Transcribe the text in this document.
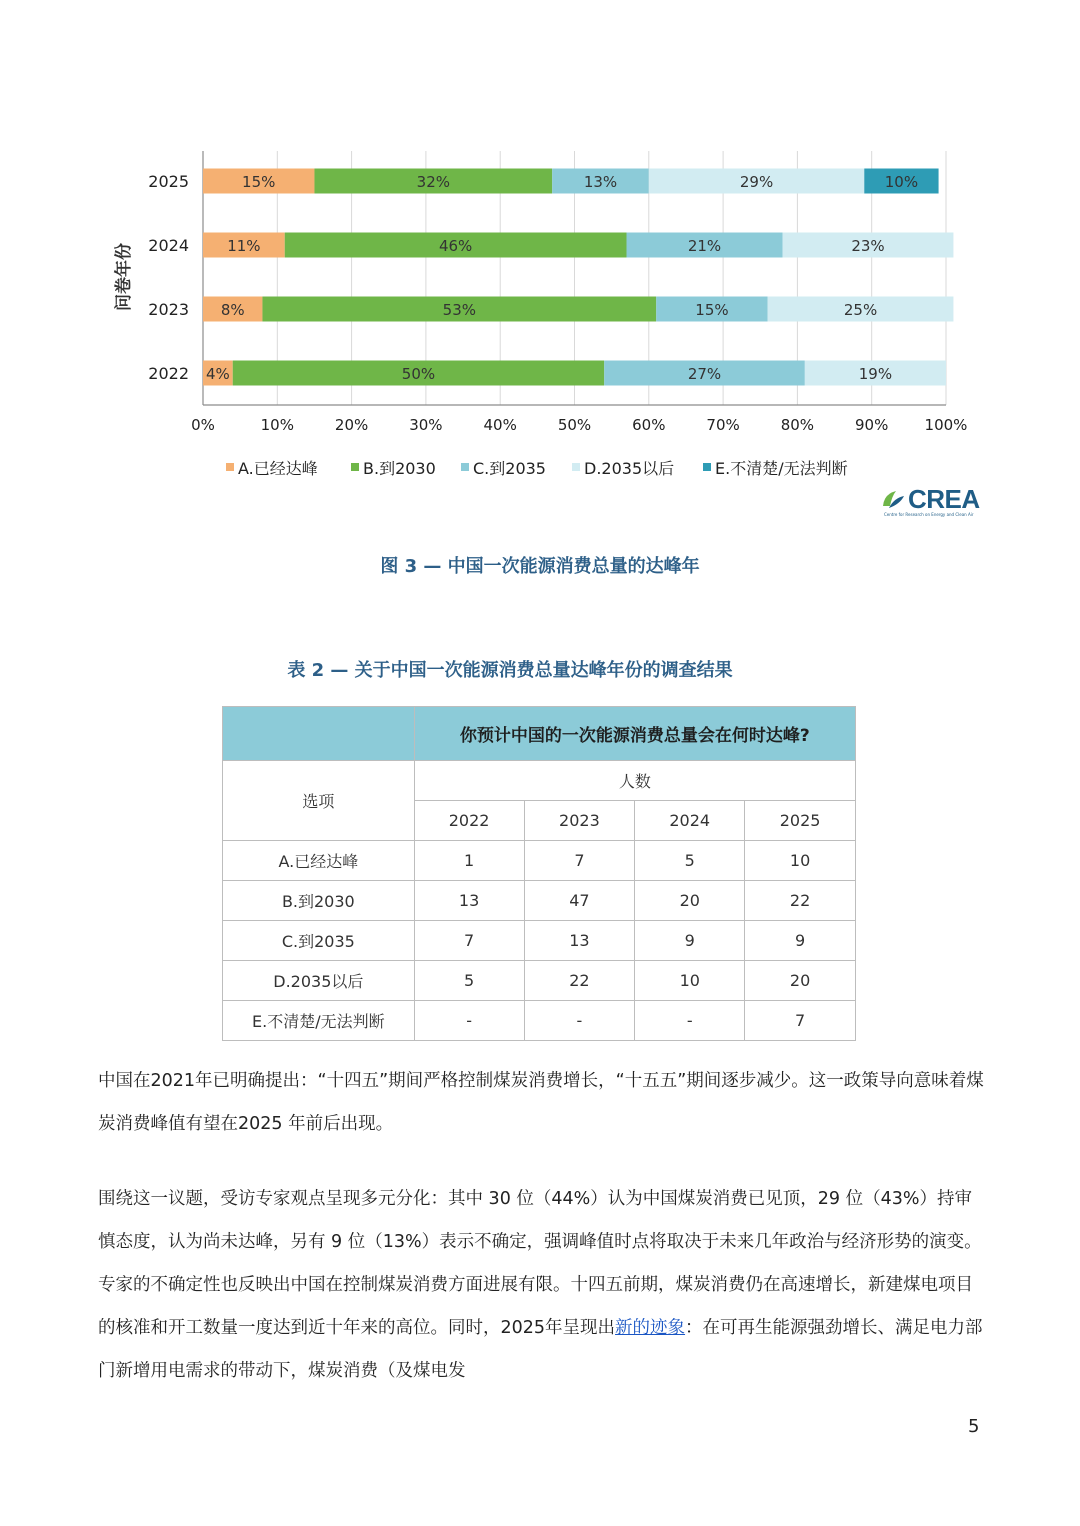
15%	32%	13%	29%	10%
2025
11%	46%	21%	23%
2024
8%	53%	15%	25%
2023
4%	50%	27%	19%
2022
0%	10%	20%	30%	40%	50%	60%	70%	80%	90% 100%
问卷年份
A.已经达峰	B.到2030 C.到2035 D.2035以后	E.不清楚/无法判断
CREA
Centre for Research on Energy and Clean Air
图 3 — 中国一次能源消费总量的达峰年
表 2 — 关于中国一次能源消费总量达峰年份的调查结果
	你预计中国的一次能源消费总量会在何时达峰?			
选项	人数			
	2022	2023	2024	2025
A.已经达峰	1	7	5	10
B.到2030	13	47	20	22
C.到2035	7	13	9	9
D.2035以后	5	22	10	20
E.不清楚/无法判断	-	-	-	7

中国在2021年已明确提出：“十四五”期间严格控制煤炭消费增长，“十五五”期间逐步减少。这一政策导向意味着煤炭消费峰值有望在2025 年前后出现。

围绕这一议题，受访专家观点呈现多元分化：其中 30 位（44%）认为中国煤炭消费已见顶，29 位（43%）持审慎态度，认为尚未达峰，另有 9 位（13%）表示不确定，强调峰值时点将取决于未来几年政治与经济形势的演变。专家的不确定性也反映出中国在控制煤炭消费方面进展有限。十四五前期，煤炭消费仍在高速增长，新建煤电项目的核准和开工数量一度达到近十年来的高位。同时，2025年呈现出新的迹象：在可再生能源强劲增长、满足电力部门新增用电需求的带动下，煤炭消费（及煤电发

5
